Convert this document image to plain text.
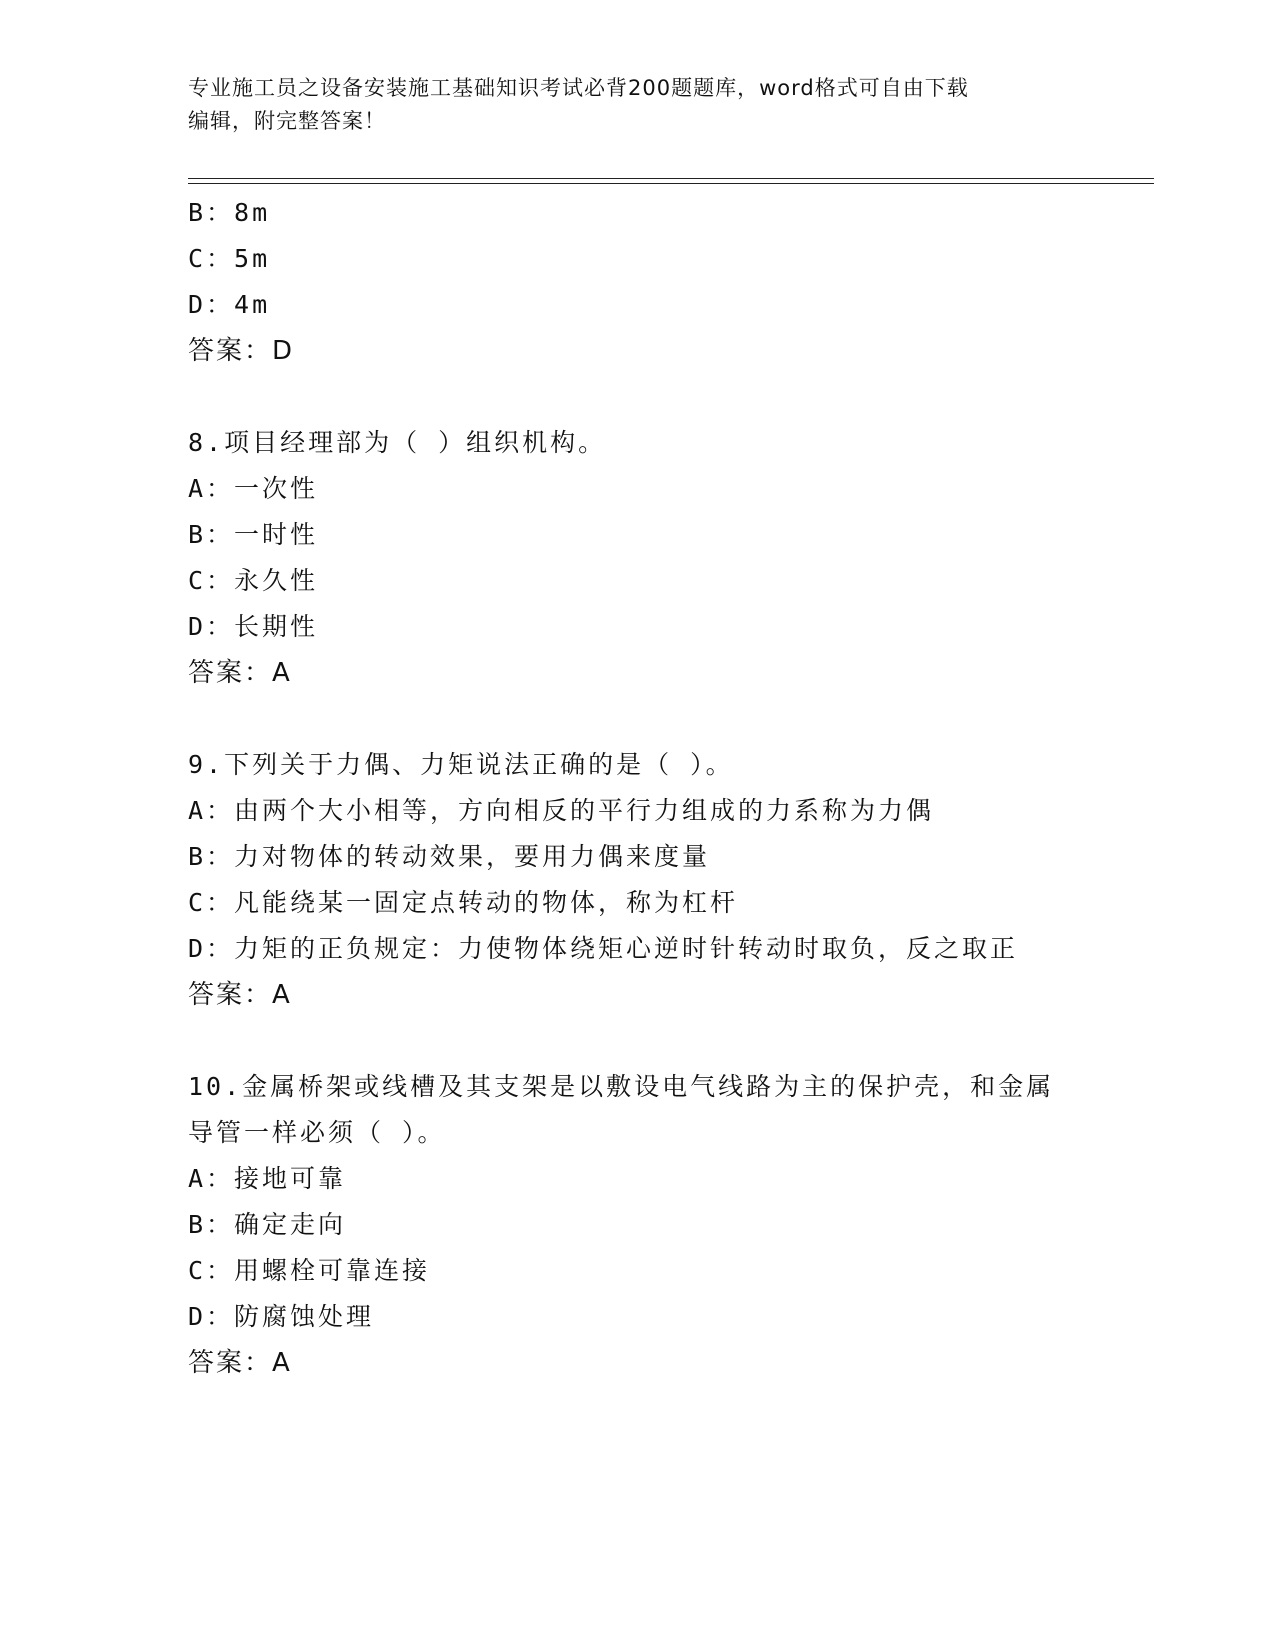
专业施工员之设备安装施工基础知识考试必背200题题库，word格式可自由下载
编辑，附完整答案！
B：8m
C：5m
D：4m
答案：D
8.项目经理部为（ ）组织机构。
A：一次性
B：一时性
C：永久性
D：长期性
答案：A
9.下列关于力偶、力矩说法正确的是（ ）。
A：由两个大小相等，方向相反的平行力组成的力系称为力偶
B：力对物体的转动效果，要用力偶来度量
C：凡能绕某一固定点转动的物体，称为杠杆
D：力矩的正负规定：力使物体绕矩心逆时针转动时取负，反之取正
答案：A
10.金属桥架或线槽及其支架是以敷设电气线路为主的保护壳，和金属
导管一样必须（ ）。
A：接地可靠
B：确定走向
C：用螺栓可靠连接
D：防腐蚀处理
答案：A
